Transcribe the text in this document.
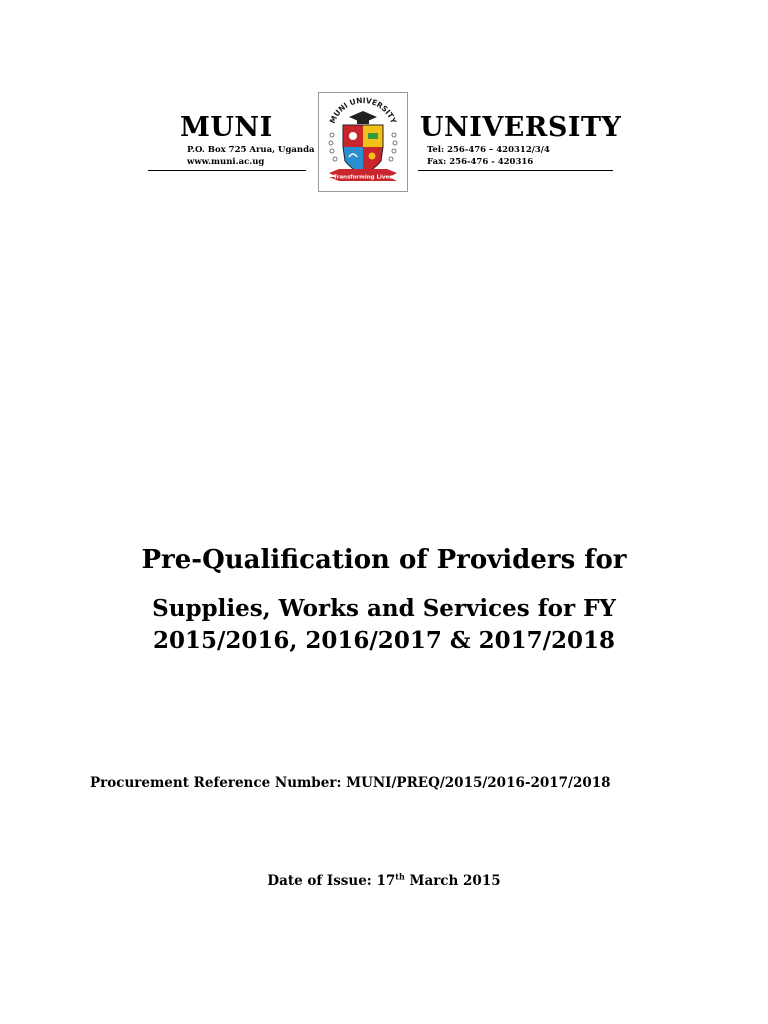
MUNI	UNIVERSITY
P.O. Box 725 Arua, Uganda
www.muni.ac.ug
Tel: 256-476 – 420312/3/4
Fax: 256-476 - 420316
MUNI UNIVERSITY
Transforming Lives
Pre-Qualification of Providers for
Supplies, Works and Services for FY
2015/2016, 2016/2017 & 2017/2018
Procurement Reference Number: MUNI/PREQ/2015/2016-2017/2018
Date of Issue: 17th March 2015
